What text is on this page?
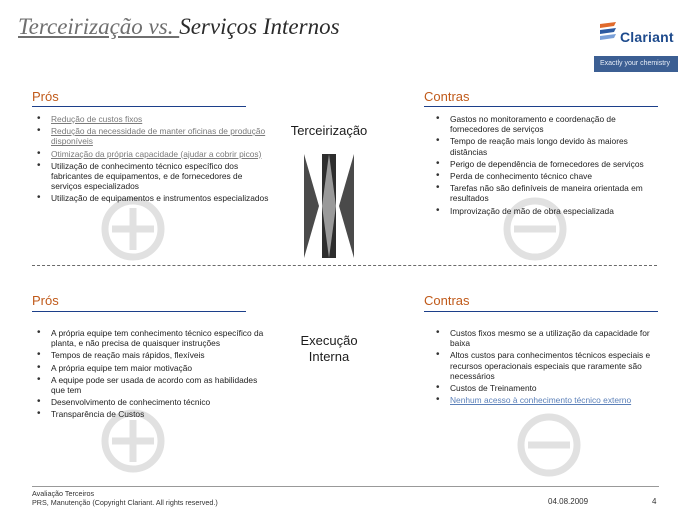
Terceirização vs. Serviços Internos	Clariant
Exactly your chemistry
Prós	Contras
• Redução de custos fixos
• Redução da necessidade de manter oficinas de produção disponíveis
• Otimização da própria capacidade (ajudar a cobrir picos)
• Utilização de conhecimento técnico específico dos fabricantes de equipamentos, e de fornecedores de serviços especializados
• Utilização de equipamentos e instrumentos especializados
Terceirização
• Gastos no monitoramento e coordenação de fornecedores de serviços
• Tempo de reação mais longo devido às maiores distâncias
• Perigo de dependência de fornecedores de serviços
• Perda de conhecimento técnico chave
• Tarefas não são definíveis de maneira orientada em resultados
• Improvização de mão de obra especializada
Prós	Contras
• A própria equipe tem conhecimento técnico específico da planta, e não precisa de quaisquer instruções
• Tempos de reação mais rápidos, flexíveis
• A própria equipe tem maior motivação
• A equipe pode ser usada de acordo com as habilidades que tem
• Desenvolvimento de conhecimento técnico
• Transparência de Custos
Execução
Interna
• Custos fixos mesmo se a utilização da capacidade for baixa
• Altos custos para conhecimentos técnicos especiais e recursos operacionais especiais que raramente são necessários
• Custos de Treinamento
• Nenhum acesso à conhecimento técnico externo
Avaliação Terceiros
PRS, Manutenção (Copyright Clariant. All rights reserved.)	04.08.2009	4
